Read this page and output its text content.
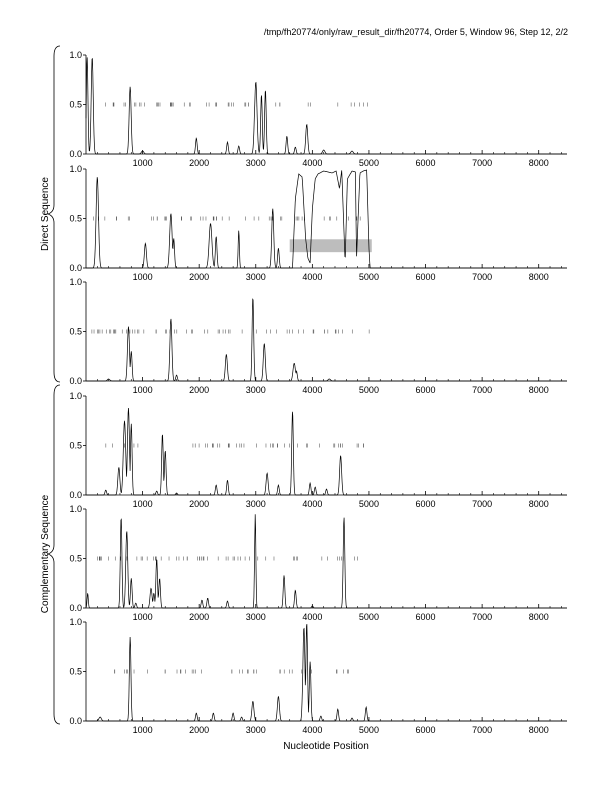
/tmp/fh20774/only/raw_result_dir/fh20774, Order 5, Window 96, Step 12, 2/2
0.0
0.5
1.0
1000	2000	3000	4000	5000	6000	7000	8000
0.0
0.5
1.0
1000	2000	3000	4000	5000	6000	7000	8000
0.0
0.5
1.0
1000	2000	3000	4000	5000	6000	7000	8000
0.0
0.5
1.0
1000	2000	3000	4000	5000	6000	7000	8000
0.0
0.5
1.0
1000	2000	3000	4000	5000	6000	7000	8000
0.0
0.5
1.0
1000	2000	3000	4000	5000	6000	7000	8000
Direct Sequence
Complementary Sequence
Nucleotide Position
